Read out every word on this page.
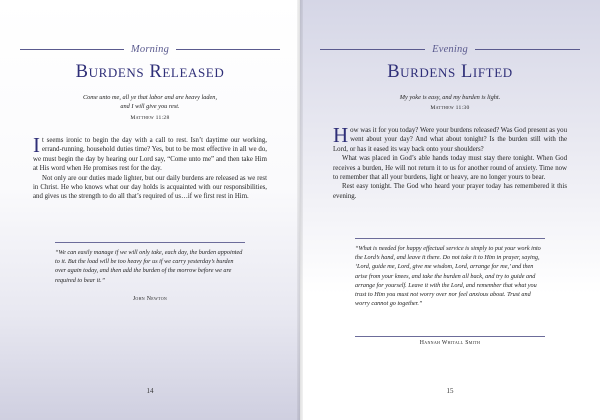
Morning
Burdens Released
Come unto me, all ye that labor and are heavy laden,
and I will give you rest.
Matthew 11:28

It seems ironic to begin the day with a call to rest. Isn’t daytime our working, errand-running, household duties time? Yes, but to be most effective in all we do, we must begin the day by hearing our Lord say, “Come unto me” and then take Him at His word when He promises rest for the day.

Not only are our duties made lighter, but our daily burdens are released as we rest in Christ. He who knows what our day holds is acquainted with our responsibilities, and gives us the strength to do all that’s required of us…if we first rest in Him.

“We can easily manage if we will only take, each day, the burden appointed to it. But the load will be too heavy for us if we carry yesterday’s burden over again today, and then add the burden of the morrow before we are required to bear it.”
John Newton
14
Evening
Burdens Lifted
My yoke is easy, and my burden is light.
Matthew 11:30

How was it for you today? Were your burdens released? Was God present as you went about your day? And what about tonight? Is the burden still with the Lord, or has it eased its way back onto your shoulders?

What was placed in God’s able hands today must stay there tonight. When God receives a burden, He will not return it to us for another round of anxiety. Time now to remember that all your burdens, light or heavy, are no longer yours to bear.

Rest easy tonight. The God who heard your prayer today has remembered it this evening.

“What is needed for happy effectual service is simply to put your work into the Lord’s hand, and leave it there. Do not take it to Him in prayer, saying, ‘Lord, guide me, Lord, give me wisdom, Lord, arrange for me,’ and then arise from your knees, and take the burden all back, and try to guide and arrange for yourself. Leave it with the Lord, and remember that what you trust to Him you must not worry over nor feel anxious about. Trust and worry cannot go together.”
Hannah Whitall Smith
15
